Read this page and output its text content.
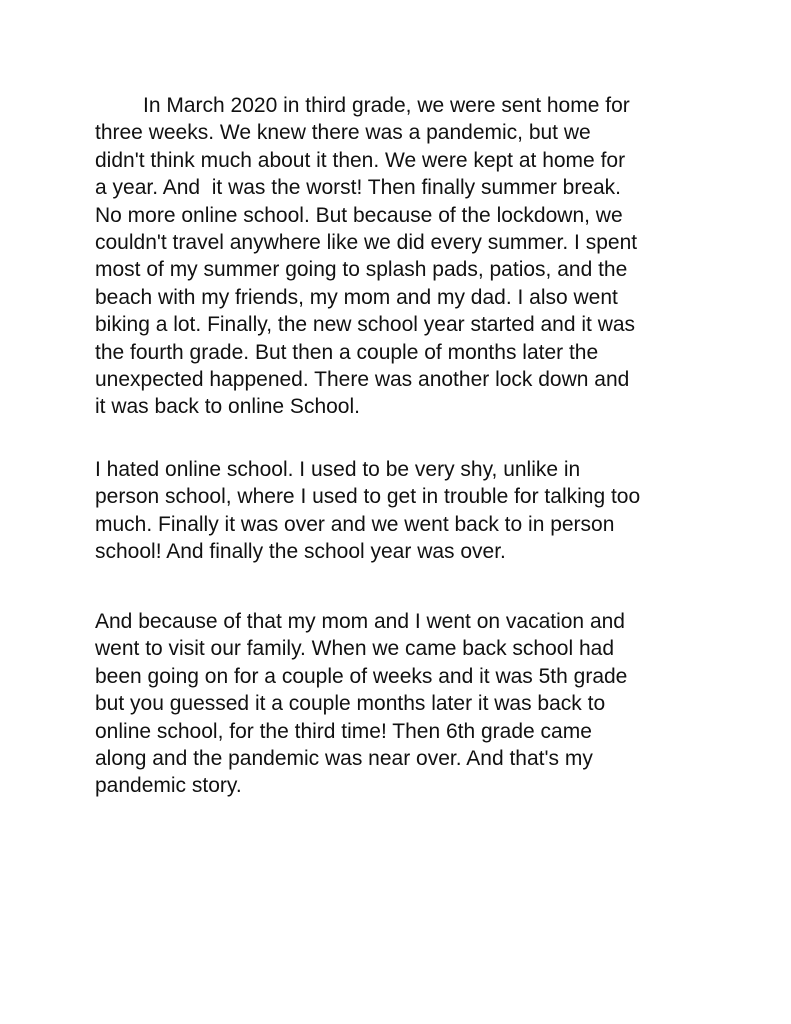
In March 2020 in third grade, we were sent home for
three weeks. We knew there was a pandemic, but we
didn't think much about it then. We were kept at home for
a year. And  it was the worst! Then finally summer break.
No more online school. But because of the lockdown, we
couldn't travel anywhere like we did every summer. I spent
most of my summer going to splash pads, patios, and the
beach with my friends, my mom and my dad. I also went
biking a lot. Finally, the new school year started and it was
the fourth grade. But then a couple of months later the
unexpected happened. There was another lock down and
it was back to online School.

I hated online school. I used to be very shy, unlike in
person school, where I used to get in trouble for talking too
much. Finally it was over and we went back to in person
school! And finally the school year was over.

And because of that my mom and I went on vacation and
went to visit our family. When we came back school had
been going on for a couple of weeks and it was 5th grade
but you guessed it a couple months later it was back to
online school, for the third time! Then 6th grade came
along and the pandemic was near over. And that's my
pandemic story.
